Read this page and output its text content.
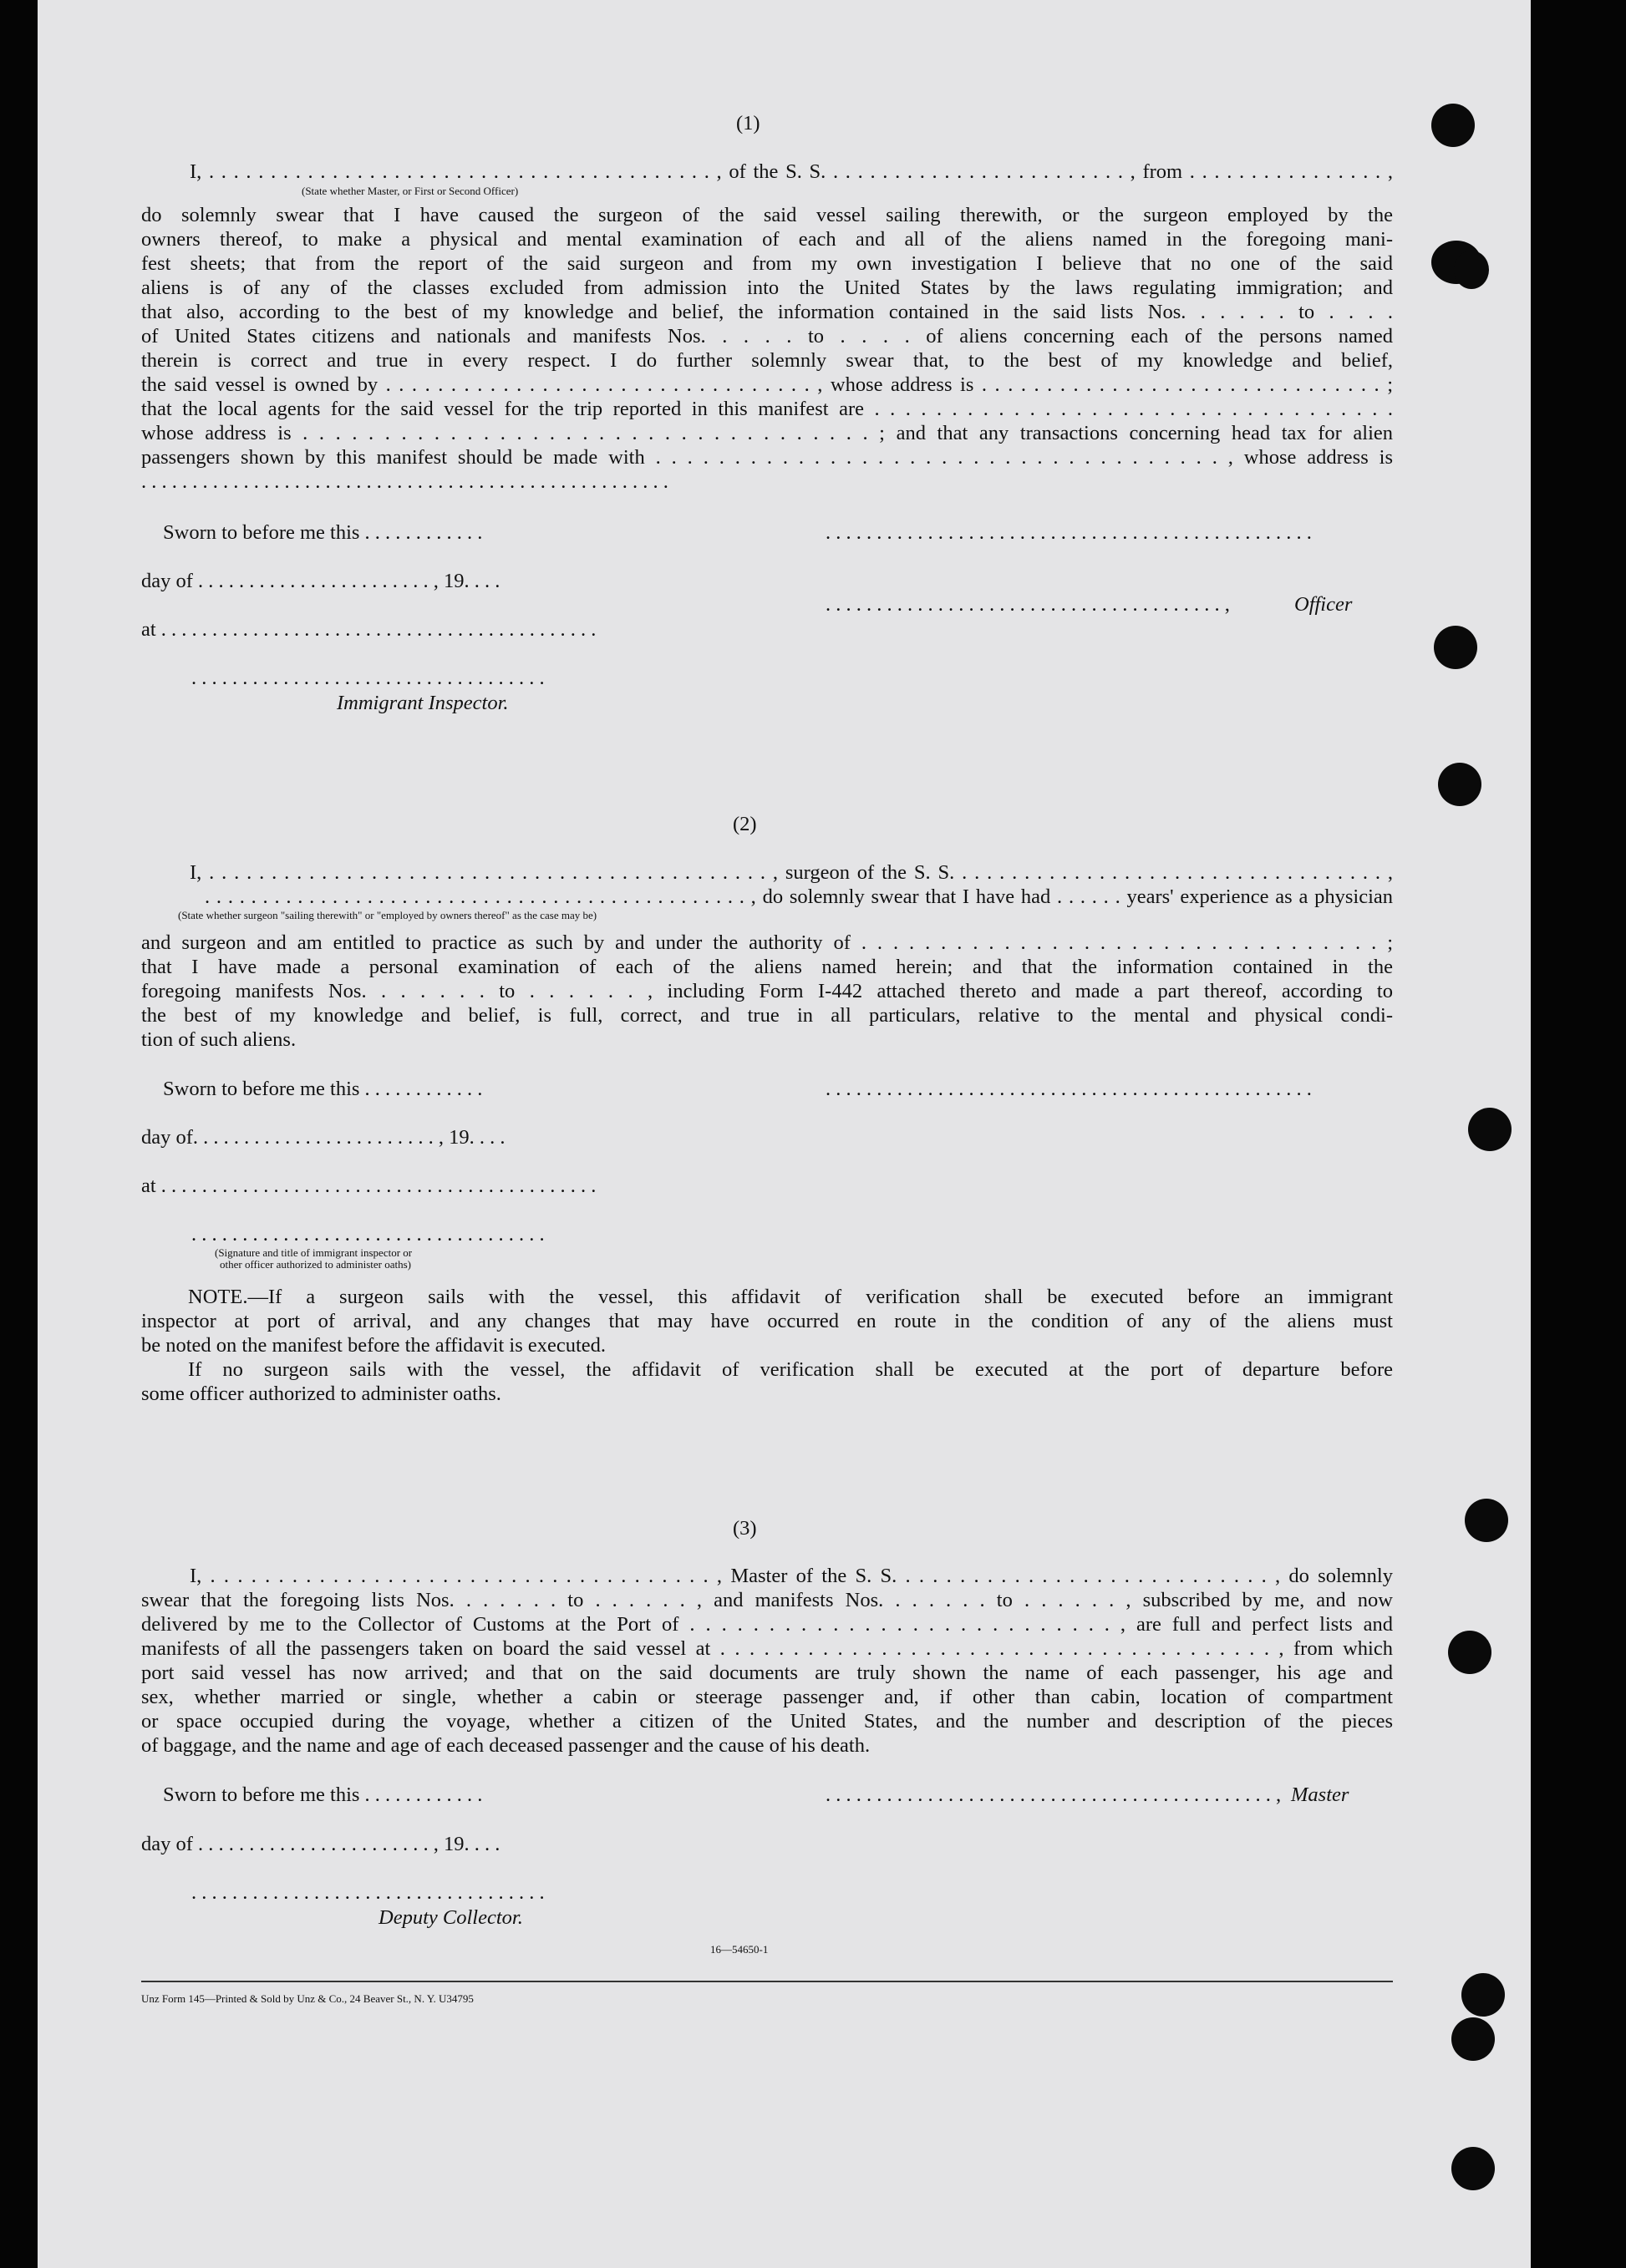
(1)
I, . . . . . . . . . . . . . . . . . . . . . . . . . . . . . . . . . . . . . . . . . , of the S. S. . . . . . . . . . . . . . . . . . . . . . . . . , from . . . . . . . . . . . . . . . . ,
(State whether Master, or First or Second Officer)
do solemnly swear that I have caused the surgeon of the said vessel sailing therewith, or the surgeon employed by the
owners thereof, to make a physical and mental examination of each and all of the aliens named in the foregoing mani-
fest sheets; that from the report of the said surgeon and from my own investigation I believe that no one of the said
aliens is of any of the classes excluded from admission into the United States by the laws regulating immigration; and
that also, according to the best of my knowledge and belief, the information contained in the said lists Nos. . . . . . to . . . .
of United States citizens and nationals and manifests Nos. . . . . to . . . . of aliens concerning each of the persons named
therein is correct and true in every respect. I do further solemnly swear that, to the best of my knowledge and belief,
the said vessel is owned by . . . . . . . . . . . . . . . . . . . . . . . . . . . . . . . . . , whose address is . . . . . . . . . . . . . . . . . . . . . . . . . . . . . . . ;
that the local agents for the said vessel for the trip reported in this manifest are . . . . . . . . . . . . . . . . . . . . . . . . . . . . . . . . . .
whose address is . . . . . . . . . . . . . . . . . . . . . . . . . . . . . . . . . . . ; and that any transactions concerning head tax for alien
passengers shown by this manifest should be made with . . . . . . . . . . . . . . . . . . . . . . . . . . . . . . . . . . . . , whose address is
. . . . . . . . . . . . . . . . . . . . . . . . . . . . . . . . . . . . . . . . . . . . . . . . . . . .
Sworn to before me this . . . . . . . . . . . .	. . . . . . . . . . . . . . . . . . . . . . . . . . . . . . . . . . . . . . . . . . . . . . . .
day of . . . . . . . . . . . . . . . . . . . . . . . , 19. . . .
. . . . . . . . . . . . . . . . . . . . . . . . . . . . . . . . . . . . . . . ,	Officer
at . . . . . . . . . . . . . . . . . . . . . . . . . . . . . . . . . . . . . . . . . . .
. . . . . . . . . . . . . . . . . . . . . . . . . . . . . . . . . . .
Immigrant Inspector.
(2)
I, . . . . . . . . . . . . . . . . . . . . . . . . . . . . . . . . . . . . . . . . . . . . . , surgeon of the S. S. . . . . . . . . . . . . . . . . . . . . . . . . . . . . . . . . . . ,
. . . . . . . . . . . . . . . . . . . . . . . . . . . . . . . . . . . . . . . . . . . . . . . , do solemnly swear that I have had . . . . . . years' experience as a physician
(State whether surgeon "sailing therewith" or "employed by owners thereof" as the case may be)
and surgeon and am entitled to practice as such by and under the authority of . . . . . . . . . . . . . . . . . . . . . . . . . . . . . . . . . ;
that I have made a personal examination of each of the aliens named herein; and that the information contained in the
foregoing manifests Nos. . . . . . . to . . . . . . , including Form I-442 attached thereto and made a part thereof, according to
the best of my knowledge and belief, is full, correct, and true in all particulars, relative to the mental and physical condi-
tion of such aliens.
Sworn to before me this . . . . . . . . . . . .	. . . . . . . . . . . . . . . . . . . . . . . . . . . . . . . . . . . . . . . . . . . . . . . .
day of. . . . . . . . . . . . . . . . . . . . . . . . , 19. . . .
at . . . . . . . . . . . . . . . . . . . . . . . . . . . . . . . . . . . . . . . . . . .
. . . . . . . . . . . . . . . . . . . . . . . . . . . . . . . . . . .
(Signature and title of immigrant inspector or
other officer authorized to administer oaths)
NOTE.—If a surgeon sails with the vessel, this affidavit of verification shall be executed before an immigrant
inspector at port of arrival, and any changes that may have occurred en route in the condition of any of the aliens must
be noted on the manifest before the affidavit is executed.
If no surgeon sails with the vessel, the affidavit of verification shall be executed at the port of departure before
some officer authorized to administer oaths.
(3)
I, . . . . . . . . . . . . . . . . . . . . . . . . . . . . . . . . . . . . . , Master of the S. S. . . . . . . . . . . . . . . . . . . . . . . . . . . . , do solemnly
swear that the foregoing lists Nos. . . . . . . to . . . . . . , and manifests Nos. . . . . . . to . . . . . . , subscribed by me, and now
delivered by me to the Collector of Customs at the Port of . . . . . . . . . . . . . . . . . . . . . . . . . . . , are full and perfect lists and
manifests of all the passengers taken on board the said vessel at . . . . . . . . . . . . . . . . . . . . . . . . . . . . . . . . . . . . . . , from which
port said vessel has now arrived; and that on the said documents are truly shown the name of each passenger, his age and
sex, whether married or single, whether a cabin or steerage passenger and, if other than cabin, location of compartment
or space occupied during the voyage, whether a citizen of the United States, and the number and description of the pieces
of baggage, and the name and age of each deceased passenger and the cause of his death.
Sworn to before me this . . . . . . . . . . . .	. . . . . . . . . . . . . . . . . . . . . . . . . . . . . . . . . . . . . . . . . . . . , Master
day of . . . . . . . . . . . . . . . . . . . . . . . , 19. . . .
. . . . . . . . . . . . . . . . . . . . . . . . . . . . . . . . . . .
Deputy Collector.
16—54650-1
Unz Form 145—Printed & Sold by Unz & Co., 24 Beaver St., N. Y. U34795
